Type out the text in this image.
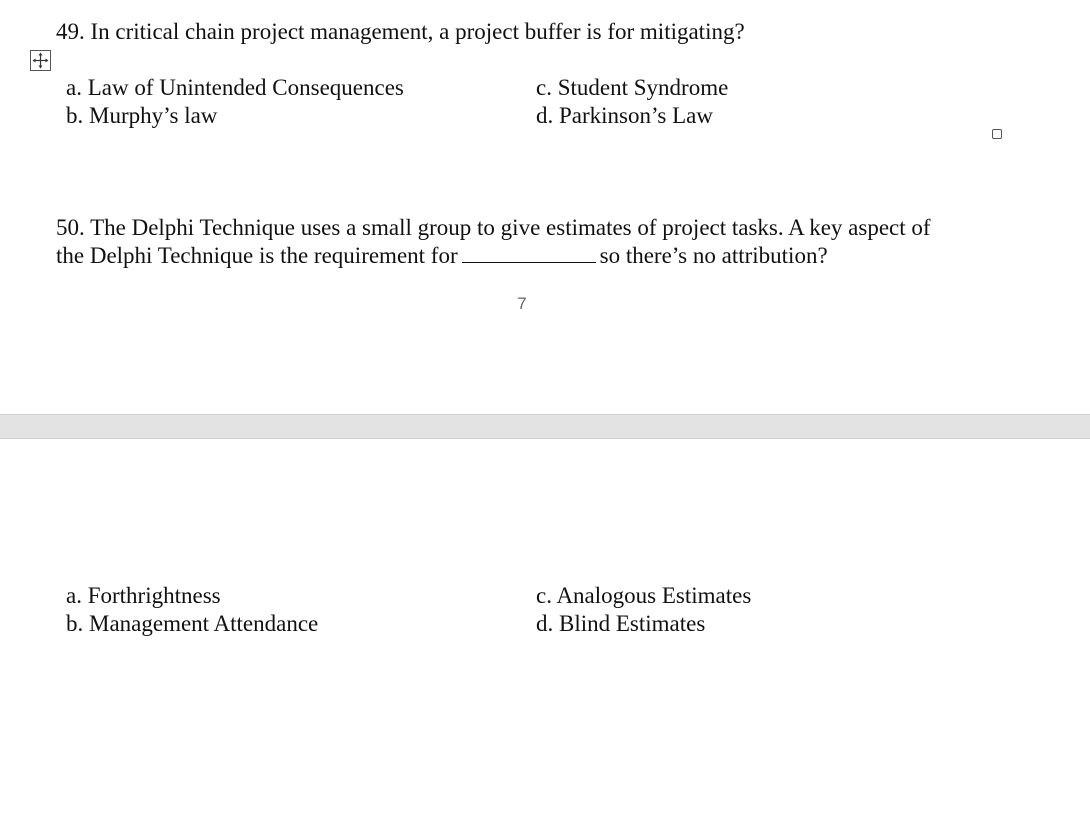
49. In critical chain project management, a project buffer is for mitigating?
a. Law of Unintended Consequences
b. Murphy’s law
c. Student Syndrome
d. Parkinson’s Law
50. The Delphi Technique uses a small group to give estimates of project tasks. A key aspect of
the Delphi Technique is the requirement for	so there’s no attribution?
7
a. Forthrightness
b. Management Attendance
c. Analogous Estimates
d. Blind Estimates
